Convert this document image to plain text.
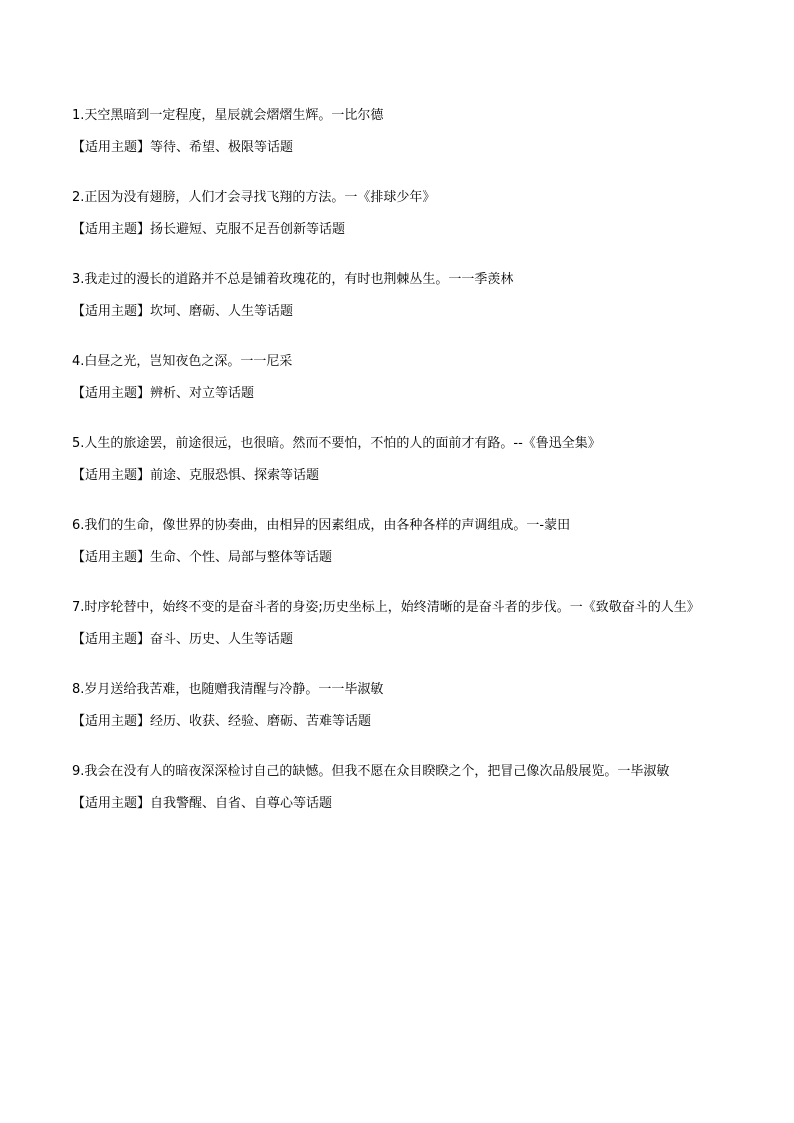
1.天空黑暗到一定程度，星辰就会熠熠生辉。一比尔德
【适用主题】等待、希望、极限等话题
2.正因为没有翅膀，人们才会寻找飞翔的方法。一《排球少年》
【适用主题】扬长避短、克服不足吾创新等话题
3.我走过的漫长的道路并不总是铺着玫瑰花的，有时也荆棘丛生。一一季羡林
【适用主题】坎坷、磨砺、人生等话题
4.白昼之光，岂知夜色之深。一一尼采
【适用主题】辨析、对立等话题
5.人生的旅途罢，前途很远，也很暗。然而不要怕，不怕的人的面前才有路。--《鲁迅全集》
【适用主题】前途、克服恐惧、探索等话题
6.我们的生命，像世界的协奏曲，由相异的因素组成，由各种各样的声调组成。一-蒙田
【适用主题】生命、个性、局部与整体等话题
7.时序轮替中，始终不变的是奋斗者的身姿;历史坐标上，始终清晰的是奋斗者的步伐。一《致敬奋斗的人生》
【适用主题】奋斗、历史、人生等话题
8.岁月送给我苦难，也随赠我清醒与冷静。一一毕淑敏
【适用主题】经历、收获、经验、磨砺、苦难等话题
9.我会在没有人的暗夜深深检讨自己的缺憾。但我不愿在众目睽睽之个，把冒己像次品般展览。一毕淑敏
【适用主题】自我警醒、自省、自尊心等话题
